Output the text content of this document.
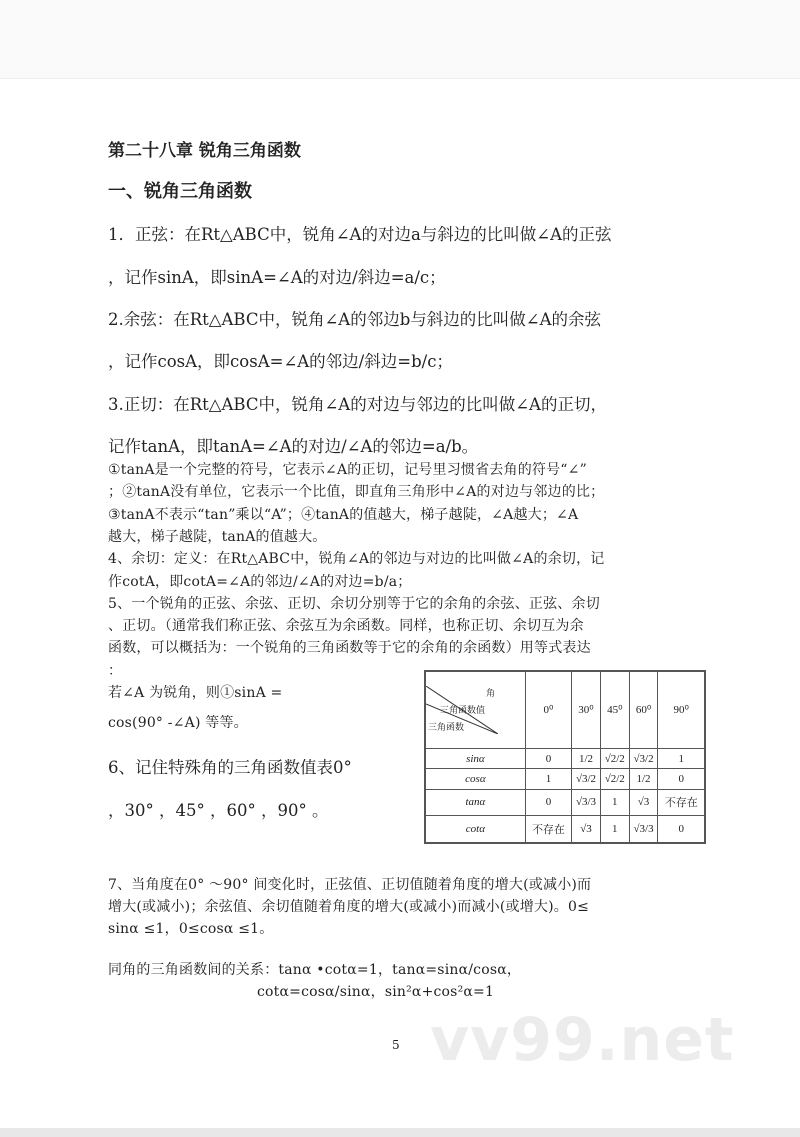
第二十八章 锐角三角函数
一、锐角三角函数
1．正弦：在Rt△ABC中，锐角∠A的对边a与斜边的比叫做∠A的正弦
，记作sinA，即sinA=∠A的对边/斜边=a/c；
2.余弦：在Rt△ABC中，锐角∠A的邻边b与斜边的比叫做∠A的余弦
，记作cosA，即cosA=∠A的邻边/斜边=b/c；
3.正切：在Rt△ABC中，锐角∠A的对边与邻边的比叫做∠A的正切，
记作tanA，即tanA=∠A的对边/∠A的邻边=a/b。
①tanA是一个完整的符号，它表示∠A的正切，记号里习惯省去角的符号“∠”
；②tanA没有单位，它表示一个比值，即直角三角形中∠A的对边与邻边的比；
③tanA不表示“tan”乘以“A”；④tanA的值越大，梯子越陡，∠A越大；∠A
越大，梯子越陡，tanA的值越大。
4、余切：定义：在Rt△ABC中，锐角∠A的邻边与对边的比叫做∠A的余切，记
作cotA，即cotA=∠A的邻边/∠A的对边=b/a；
5、一个锐角的正弦、余弦、正切、余切分别等于它的余角的余弦、正弦、余切
、正切。（通常我们称正弦、余弦互为余函数。同样，也称正切、余切互为余
函数，可以概括为：一个锐角的三角函数等于它的余角的余函数）用等式表达
：
若∠A 为锐角，则①sinA =
cos(90° -∠A) 等等。
6、记住特殊角的三角函数值表0°
，30° ，45° ，60° ，90° 。
角
三角函数值
三角函数	0⁰	30⁰	45⁰	60⁰	90⁰
sinα	0	1/2	√2/2	√3/2	1
cosα	1	√3/2	√2/2	1/2	0
tanα	0	√3/3	1	√3	不存在
cotα	不存在	√3	1	√3/3	0
7、当角度在0° ～90° 间变化时，正弦值、正切值随着角度的增大(或减小)而
增大(或减小)；余弦值、余切值随着角度的增大(或减小)而减小(或增大)。0≤
sinα ≤1，0≤cosα ≤1。
同角的三角函数间的关系：tanα •cotα=1，tanα=sinα/cosα，
cotα=cosα/sinα，sin²α+cos²α=1
vv99.net
5
